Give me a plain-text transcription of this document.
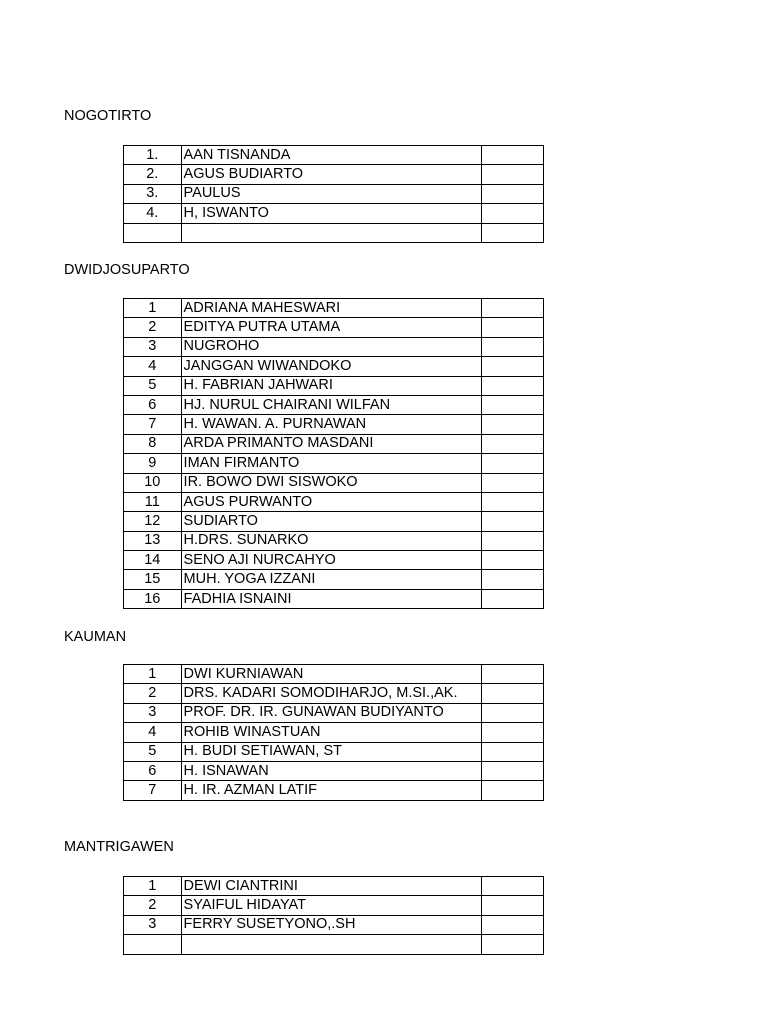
NOGOTIRTO
1.	AAN TISNANDA	
2.	AGUS BUDIARTO	
3.	PAULUS	
4.	H, ISWANTO	

DWIDJOSUPARTO
1	ADRIANA MAHESWARI	
2	EDITYA PUTRA UTAMA	
3	NUGROHO	
4	JANGGAN WIWANDOKO	
5	H. FABRIAN JAHWARI	
6	HJ. NURUL CHAIRANI WILFAN	
7	H. WAWAN. A. PURNAWAN	
8	ARDA PRIMANTO MASDANI	
9	IMAN FIRMANTO	
10	IR. BOWO DWI SISWOKO	
11	AGUS PURWANTO	
12	SUDIARTO	
13	H.DRS. SUNARKO	
14	SENO AJI NURCAHYO	
15	MUH. YOGA IZZANI	
16	FADHIA ISNAINI	
KAUMAN
1	DWI KURNIAWAN	
2	DRS. KADARI SOMODIHARJO, M.SI.,AK.	
3	PROF. DR. IR. GUNAWAN BUDIYANTO	
4	ROHIB WINASTUAN	
5	H. BUDI SETIAWAN, ST	
6	H. ISNAWAN	
7	H. IR. AZMAN LATIF	
MANTRIGAWEN
1	DEWI CIANTRINI	
2	SYAIFUL HIDAYAT	
3	FERRY SUSETYONO,.SH	
